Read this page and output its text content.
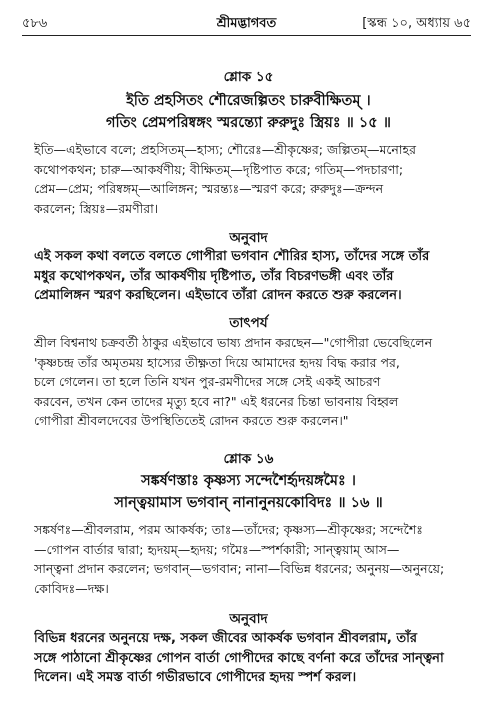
৫৮৬	শ্রীমদ্ভাগবত	[স্কন্ধ ১০, অধ্যায় ৬৫
শ্লোক ১৫
ইতি প্রহসিতং শৌরেজল্পিতং চারুবীক্ষিতম্ ।
গতিং প্রেমপরিষ্বঙ্গং স্মরন্ত্যো রুরুদুঃ স্ত্রিয়ঃ ॥ ১৫ ॥
ইতি—এইভাবে বলে; প্রহসিতম্—হাস্য; শৌরেঃ—শ্রীকৃষ্ণের; জল্পিতম্—মনোহর
কথোপকথন; চারু—আকর্ষণীয়; বীক্ষিতম্—দৃষ্টিপাত করে; গতিম্—পদচারণা;
প্রেম—প্রেম; পরিষ্বঙ্গম্—আলিঙ্গন; স্মরন্ত্যঃ—স্মরণ করে; রুরুদুঃ—ক্রন্দন
করলেন; স্ত্রিয়ঃ—রমণীরা।
অনুবাদ
এই সকল কথা বলতে বলতে গোপীরা ভগবান শৌরির হাস্য, তাঁদের সঙ্গে তাঁর
মধুর কথোপকথন, তাঁর আকর্ষণীয় দৃষ্টিপাত, তাঁর বিচরণভঙ্গী এবং তাঁর
প্রেমালিঙ্গন স্মরণ করছিলেন। এইভাবে তাঁরা রোদন করতে শুরু করলেন।
তাৎপর্য
শ্রীল বিশ্বনাথ চক্রবর্তী ঠাকুর এইভাবে ভাষ্য প্রদান করছেন—"গোপীরা ভেবেছিলেন
'কৃষ্ণচন্দ্র তাঁর অমৃতময় হাস্যের তীক্ষ্ণতা দিয়ে আমাদের হৃদয় বিদ্ধ করার পর,
চলে গেলেন। তা হলে তিনি যখন পুর-রমণীদের সঙ্গে সেই একই আচরণ
করবেন, তখন কেন তাদের মৃত্যু হবে না?" এই ধরনের চিন্তা ভাবনায় বিহ্বল
গোপীরা শ্রীবলদেবের উপস্থিতিতেই রোদন করতে শুরু করলেন।"
শ্লোক ১৬
সঙ্কর্ষণস্তাঃ কৃষ্ণস্য সন্দেশৈর্হৃদয়ঙ্গমৈঃ ।
সান্ত্বয়ামাস ভগবান্ নানানুনয়কোবিদঃ ॥ ১৬ ॥
সঙ্কর্ষণঃ—শ্রীবলরাম, পরম আকর্ষক; তাঃ—তাঁদের; কৃষ্ণস্য—শ্রীকৃষ্ণের; সন্দেশৈঃ
—গোপন বার্তার দ্বারা; হৃদয়ম্—হৃদয়; গমৈঃ—স্পর্শকারী; সান্ত্বয়াম্ আস—
সান্ত্বনা প্রদান করলেন; ভগবান্—ভগবান; নানা—বিভিন্ন ধরনের; অনুনয়—অনুনয়ে;
কোবিদঃ—দক্ষ।
অনুবাদ
বিভিন্ন ধরনের অনুনয়ে দক্ষ, সকল জীবের আকর্ষক ভগবান শ্রীবলরাম, তাঁর
সঙ্গে পাঠানো শ্রীকৃষ্ণের গোপন বার্তা গোপীদের কাছে বর্ণনা করে তাঁদের সান্ত্বনা
দিলেন। এই সমস্ত বার্তা গভীরভাবে গোপীদের হৃদয় স্পর্শ করল।
